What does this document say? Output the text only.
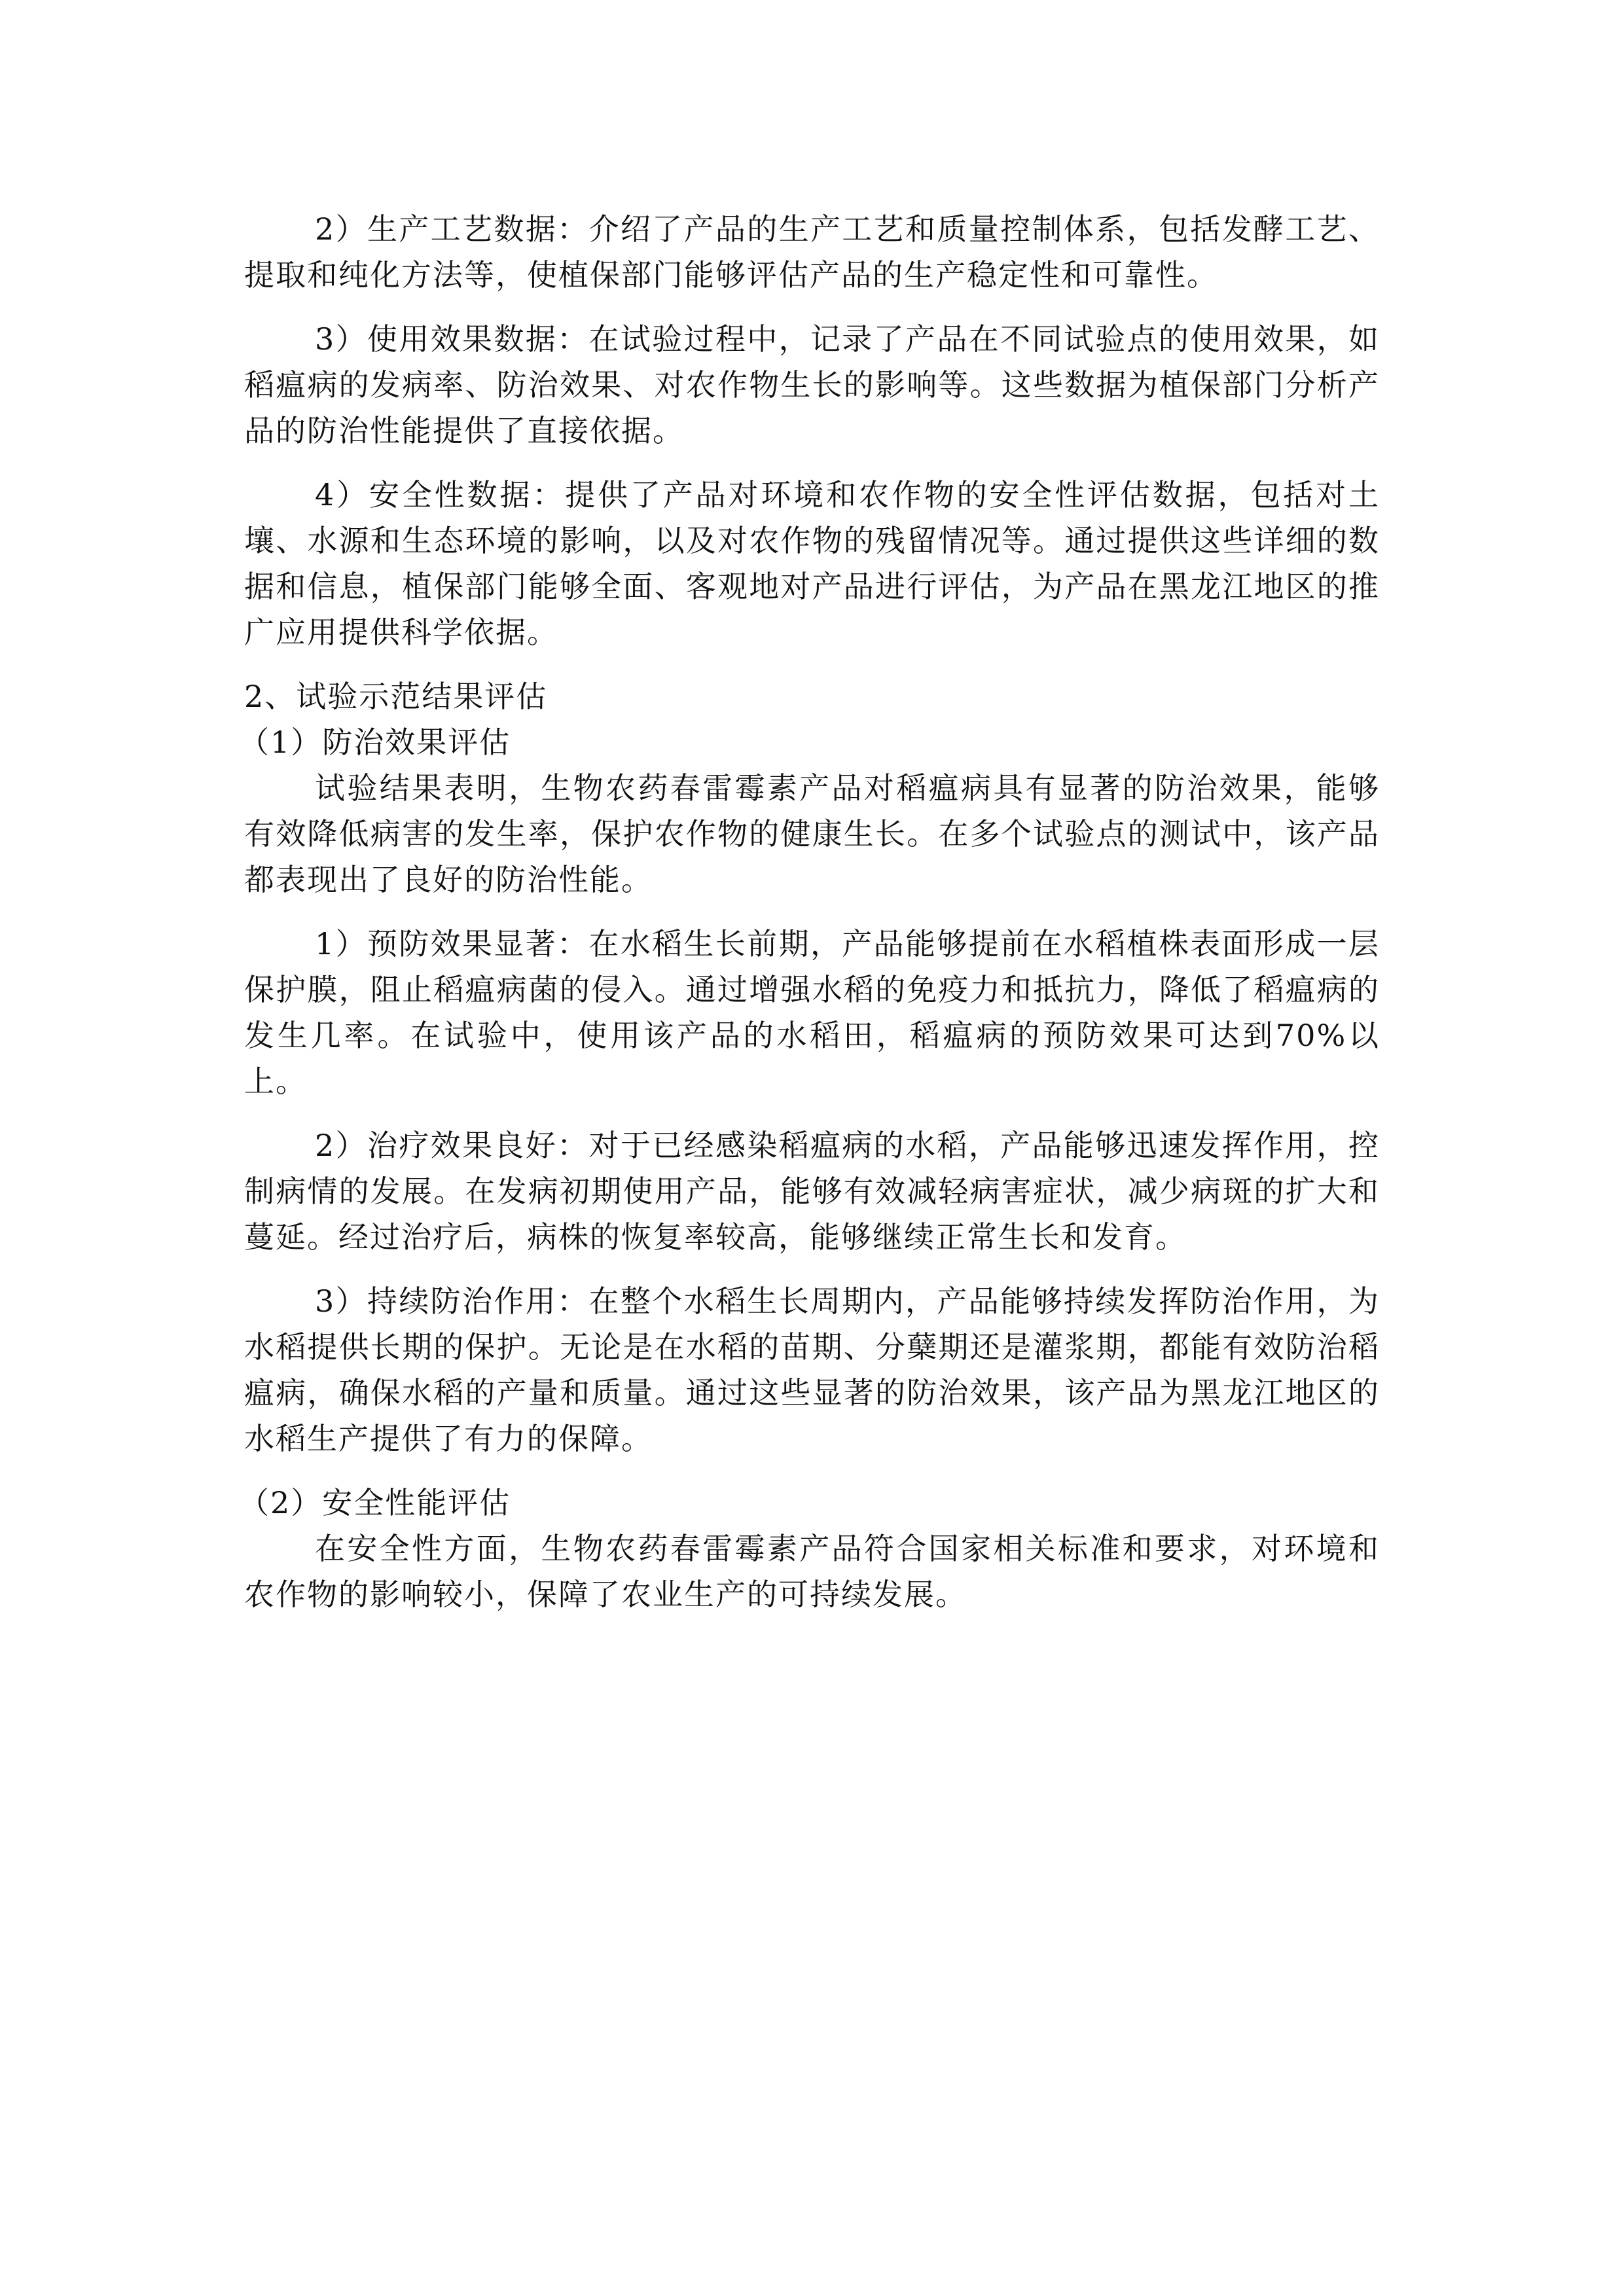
2）生产工艺数据：介绍了产品的生产工艺和质量控制体系，包括发酵工艺、提取和纯化方法等，使植保部门能够评估产品的生产稳定性和可靠性。

3）使用效果数据：在试验过程中，记录了产品在不同试验点的使用效果，如稻瘟病的发病率、防治效果、对农作物生长的影响等。这些数据为植保部门分析产品的防治性能提供了直接依据。

4）安全性数据：提供了产品对环境和农作物的安全性评估数据，包括对土壤、水源和生态环境的影响，以及对农作物的残留情况等。通过提供这些详细的数据和信息，植保部门能够全面、客观地对产品进行评估，为产品在黑龙江地区的推广应用提供科学依据。

2、试验示范结果评估
（1）防治效果评估

试验结果表明，生物农药春雷霉素产品对稻瘟病具有显著的防治效果，能够有效降低病害的发生率，保护农作物的健康生长。在多个试验点的测试中，该产品都表现出了良好的防治性能。

1）预防效果显著：在水稻生长前期，产品能够提前在水稻植株表面形成一层保护膜，阻止稻瘟病菌的侵入。通过增强水稻的免疫力和抵抗力，降低了稻瘟病的发生几率。在试验中，使用该产品的水稻田，稻瘟病的预防效果可达到70%以上。

2）治疗效果良好：对于已经感染稻瘟病的水稻，产品能够迅速发挥作用，控制病情的发展。在发病初期使用产品，能够有效减轻病害症状，减少病斑的扩大和蔓延。经过治疗后，病株的恢复率较高，能够继续正常生长和发育。

3）持续防治作用：在整个水稻生长周期内，产品能够持续发挥防治作用，为水稻提供长期的保护。无论是在水稻的苗期、分蘖期还是灌浆期，都能有效防治稻瘟病，确保水稻的产量和质量。通过这些显著的防治效果，该产品为黑龙江地区的水稻生产提供了有力的保障。

（2）安全性能评估

在安全性方面，生物农药春雷霉素产品符合国家相关标准和要求，对环境和农作物的影响较小，保障了农业生产的可持续发展。
